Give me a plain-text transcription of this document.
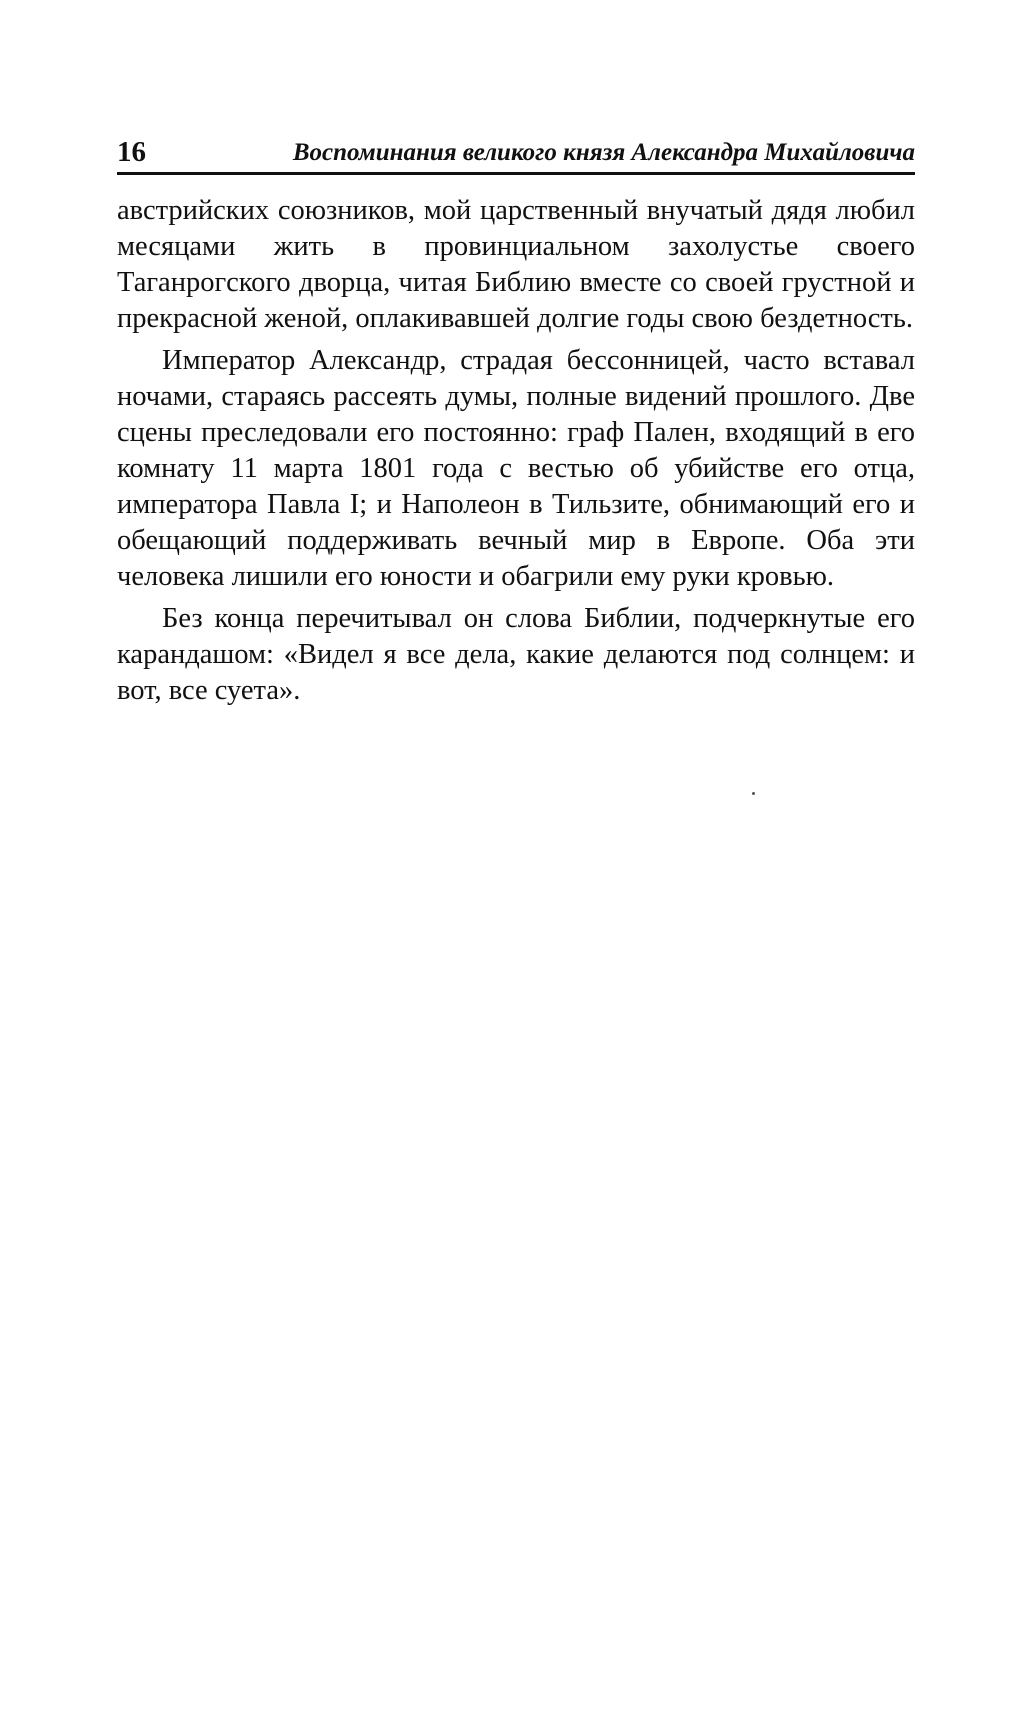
16	Воспоминания великого князя Александра Михайловича

австрийских союзников, мой царственный внучатый дядя любил месяцами жить в провинциальном захолустье своего Таганрогского дворца, читая Библию вместе со своей грустной и прекрасной женой, оплакивавшей долгие годы свою бездетность.

Император Александр, страдая бессонницей, часто вставал ночами, стараясь рассеять думы, полные видений прошлого. Две сцены преследовали его постоянно: граф Пален, входящий в его комнату 11 марта 1801 года с вестью об убийстве его отца, императора Павла I; и Наполеон в Тильзите, обнимающий его и обещающий поддерживать вечный мир в Европе. Оба эти человека лишили его юности и обагрили ему руки кровью.

Без конца перечитывал он слова Библии, подчеркнутые его карандашом: «Видел я все дела, какие делаются под солнцем: и вот, все суета».
